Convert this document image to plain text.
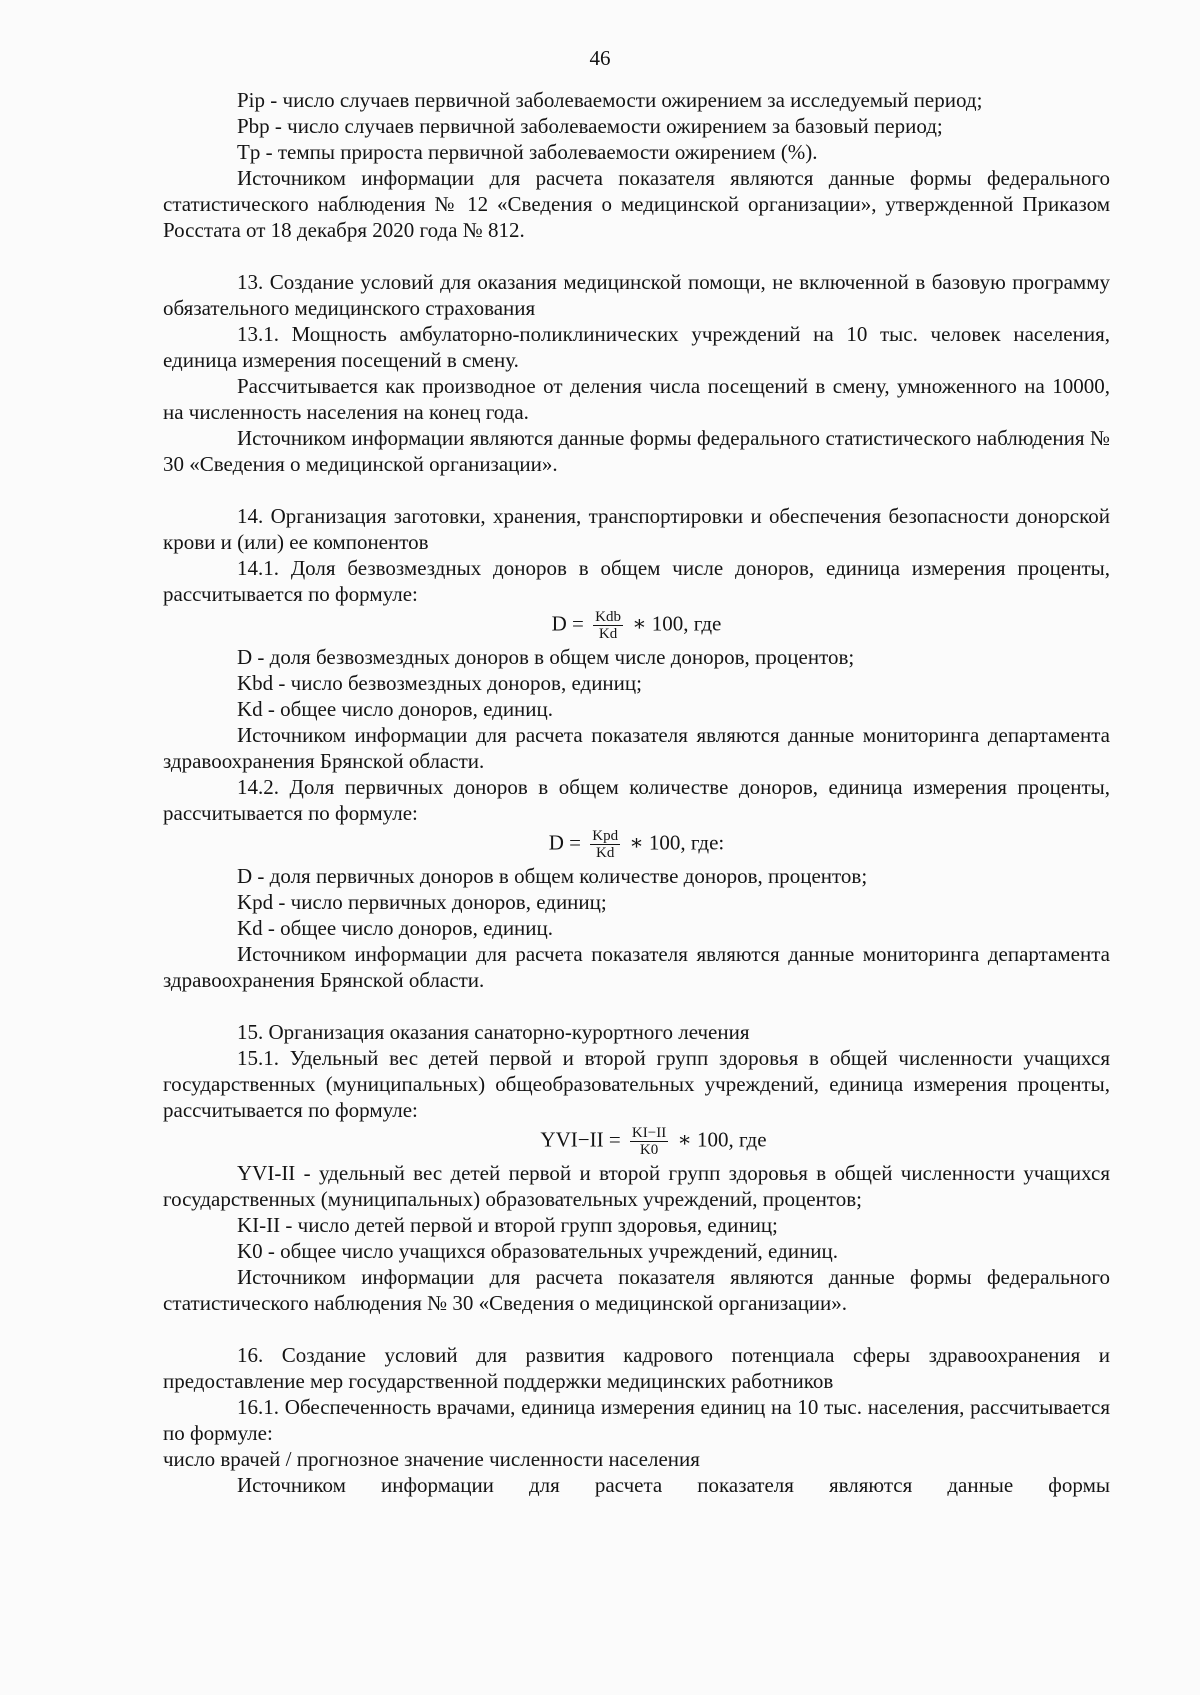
46

Pip - число случаев первичной заболеваемости ожирением за исследуемый период;

Pbp - число случаев первичной заболеваемости ожирением за базовый период;

Tp - темпы прироста первичной заболеваемости ожирением (%).

Источником информации для расчета показателя являются данные формы федерального статистического наблюдения № 12 «Сведения о медицинской организации», утвержденной Приказом Росстата от 18 декабря 2020 года № 812.

13. Создание условий для оказания медицинской помощи, не включенной в базовую программу обязательного медицинского страхования

13.1. Мощность амбулаторно-поликлинических учреждений на 10 тыс. человек населения, единица измерения посещений в смену.

Рассчитывается как производное от деления числа посещений в смену, умноженного на 10000, на численность населения на конец года.

Источником информации являются данные формы федерального статистического наблюдения № 30 «Сведения о медицинской организации».

14. Организация заготовки, хранения, транспортировки и обеспечения безопасности донорской крови и (или) ее компонентов

14.1. Доля безвозмездных доноров в общем числе доноров, единица измерения проценты, рассчитывается по формуле:

$D = \frac{\text{Kdb}}{Kd}$ ∗ 100, где

D - доля безвозмездных доноров в общем числе доноров, процентов;

Kbd - число безвозмездных доноров, единиц;

Kd - общее число доноров, единиц.

Источником информации для расчета показателя являются данные мониторинга департамента здравоохранения Брянской области.

14.2. Доля первичных доноров в общем количестве доноров, единица измерения проценты, рассчитывается по формуле:

$D = \frac{\text{Kpd}}{Kd}$ ∗ 100, где:

D - доля первичных доноров в общем количестве доноров, процентов;

Kpd - число первичных доноров, единиц;

Kd - общее число доноров, единиц.

Источником информации для расчета показателя являются данные мониторинга департамента здравоохранения Брянской области.

15. Организация оказания санаторно-курортного лечения

15.1. Удельный вес детей первой и второй групп здоровья в общей численности учащихся государственных (муниципальных) общеобразовательных учреждений, единица измерения проценты, рассчитывается по формуле:

$YVI-II = \frac{KI-II}{K0}$ ∗ 100, где

YVI-II - удельный вес детей первой и второй групп здоровья в общей численности учащихся государственных (муниципальных) образовательных учреждений, процентов;

KI-II - число детей первой и второй групп здоровья, единиц;

K0 - общее число учащихся образовательных учреждений, единиц.

Источником информации для расчета показателя являются данные формы федерального статистического наблюдения № 30 «Сведения о медицинской организации».

16. Создание условий для развития кадрового потенциала сферы здравоохранения и предоставление мер государственной поддержки медицинских работников

16.1. Обеспеченность врачами, единица измерения единиц на 10 тыс. населения, рассчитывается по формуле:

число врачей / прогнозное значение численности населения

Источником информации для расчета показателя являются данные формы
